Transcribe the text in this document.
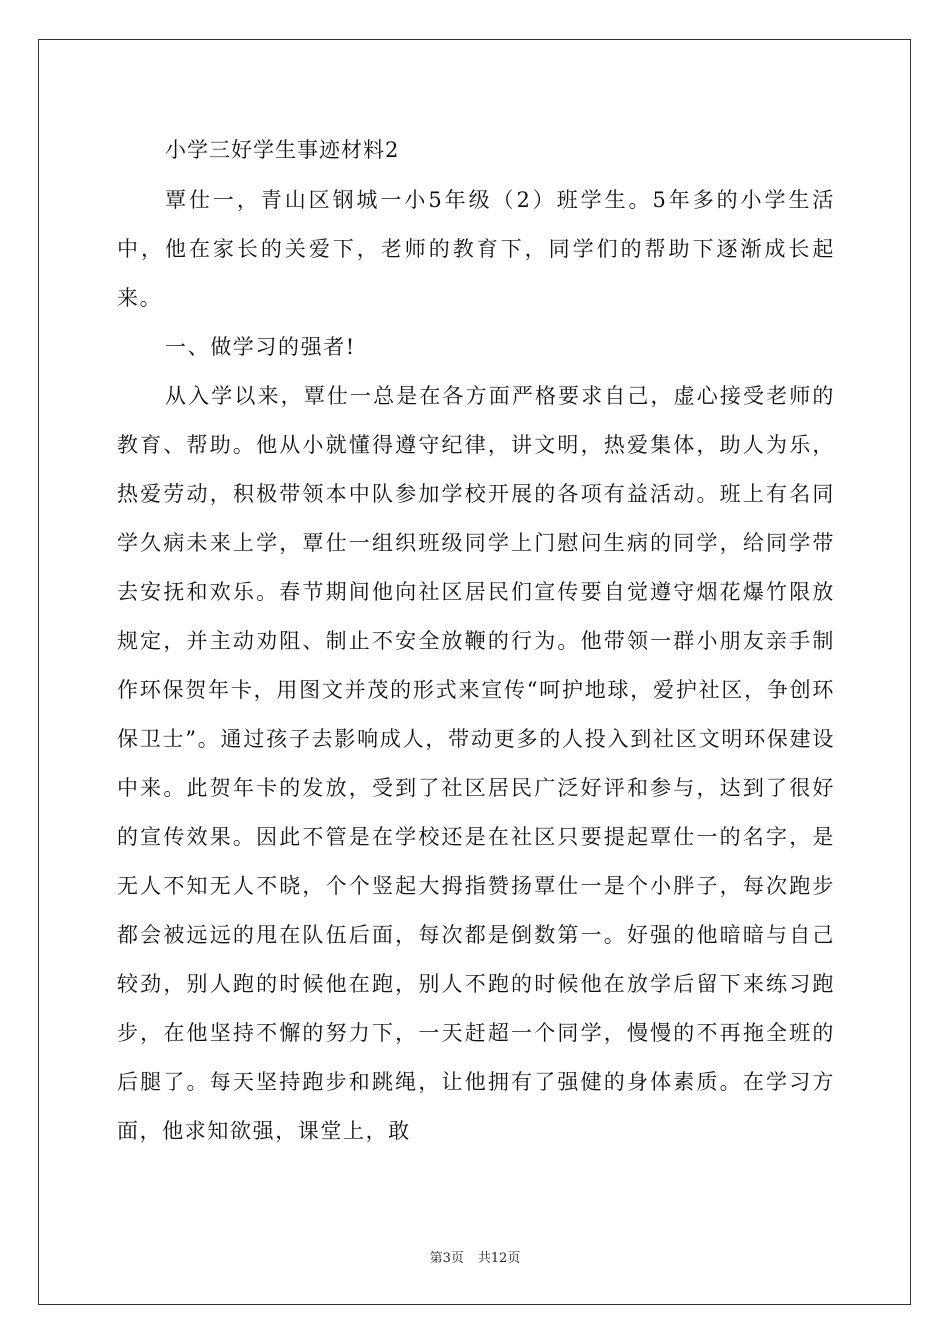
小学三好学生事迹材料2

覃仕一，青山区钢城一小5年级（2）班学生。5年多的小学生活中，他在家长的关爱下，老师的教育下，同学们的帮助下逐渐成长起来。

一、做学习的强者!

从入学以来，覃仕一总是在各方面严格要求自己，虚心接受老师的教育、帮助。他从小就懂得遵守纪律，讲文明，热爱集体，助人为乐，热爱劳动，积极带领本中队参加学校开展的各项有益活动。班上有名同学久病未来上学，覃仕一组织班级同学上门慰问生病的同学，给同学带去安抚和欢乐。春节期间他向社区居民们宣传要自觉遵守烟花爆竹限放规定，并主动劝阻、制止不安全放鞭的行为。他带领一群小朋友亲手制作环保贺年卡，用图文并茂的形式来宣传“呵护地球，爱护社区，争创环保卫士”。通过孩子去影响成人，带动更多的人投入到社区文明环保建设中来。此贺年卡的发放，受到了社区居民广泛好评和参与，达到了很好的宣传效果。因此不管是在学校还是在社区只要提起覃仕一的名字，是无人不知无人不晓，个个竖起大拇指赞扬覃仕一是个小胖子，每次跑步都会被远远的甩在队伍后面，每次都是倒数第一。好强的他暗暗与自己较劲，别人跑的时候他在跑，别人不跑的时候他在放学后留下来练习跑步，在他坚持不懈的努力下，一天赶超一个同学，慢慢的不再拖全班的后腿了。每天坚持跑步和跳绳，让他拥有了强健的身体素质。在学习方面，他求知欲强，课堂上，敢

第3页 共12页
